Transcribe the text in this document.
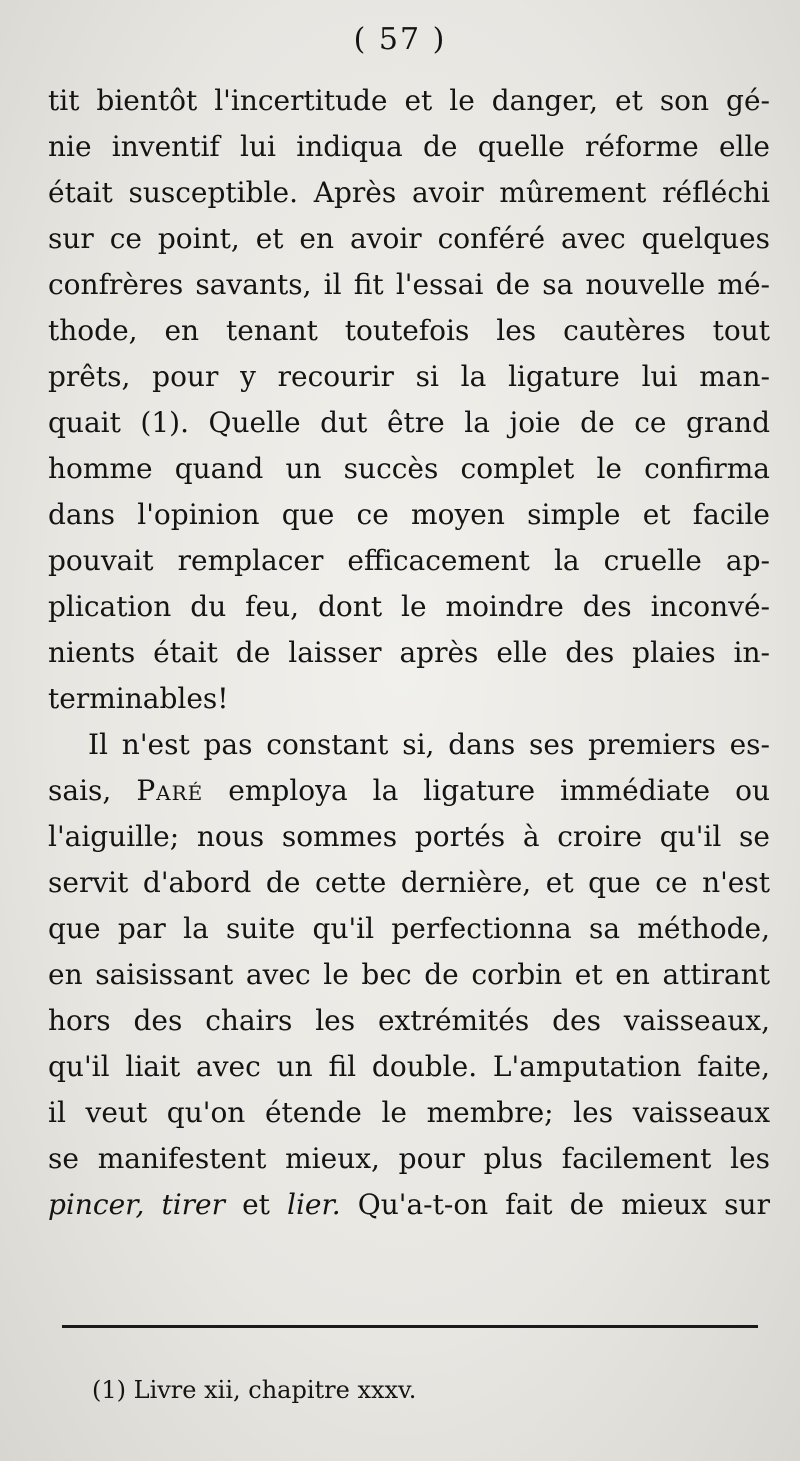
( 57 )
tit bientôt l'incertitude et le danger, et son gé-
nie inventif lui indiqua de quelle réforme elle
était susceptible. Après avoir mûrement réfléchi
sur ce point, et en avoir conféré avec quelques
confrères savants, il fit l'essai de sa nouvelle mé-
thode, en tenant toutefois les cautères tout
prêts, pour y recourir si la ligature lui man-
quait (1). Quelle dut être la joie de ce grand
homme quand un succès complet le confirma
dans l'opinion que ce moyen simple et facile
pouvait remplacer efficacement la cruelle ap-
plication du feu, dont le moindre des inconvé-
nients était de laisser après elle des plaies in-
terminables!
Il n'est pas constant si, dans ses premiers es-
sais, Paré employa la ligature immédiate ou
l'aiguille; nous sommes portés à croire qu'il se
servit d'abord de cette dernière, et que ce n'est
que par la suite qu'il perfectionna sa méthode,
en saisissant avec le bec de corbin et en attirant
hors des chairs les extrémités des vaisseaux,
qu'il liait avec un fil double. L'amputation faite,
il veut qu'on étende le membre; les vaisseaux
se manifestent mieux, pour plus facilement les
pincer, tirer et lier. Qu'a-t-on fait de mieux sur
(1) Livre xii, chapitre xxxv.
